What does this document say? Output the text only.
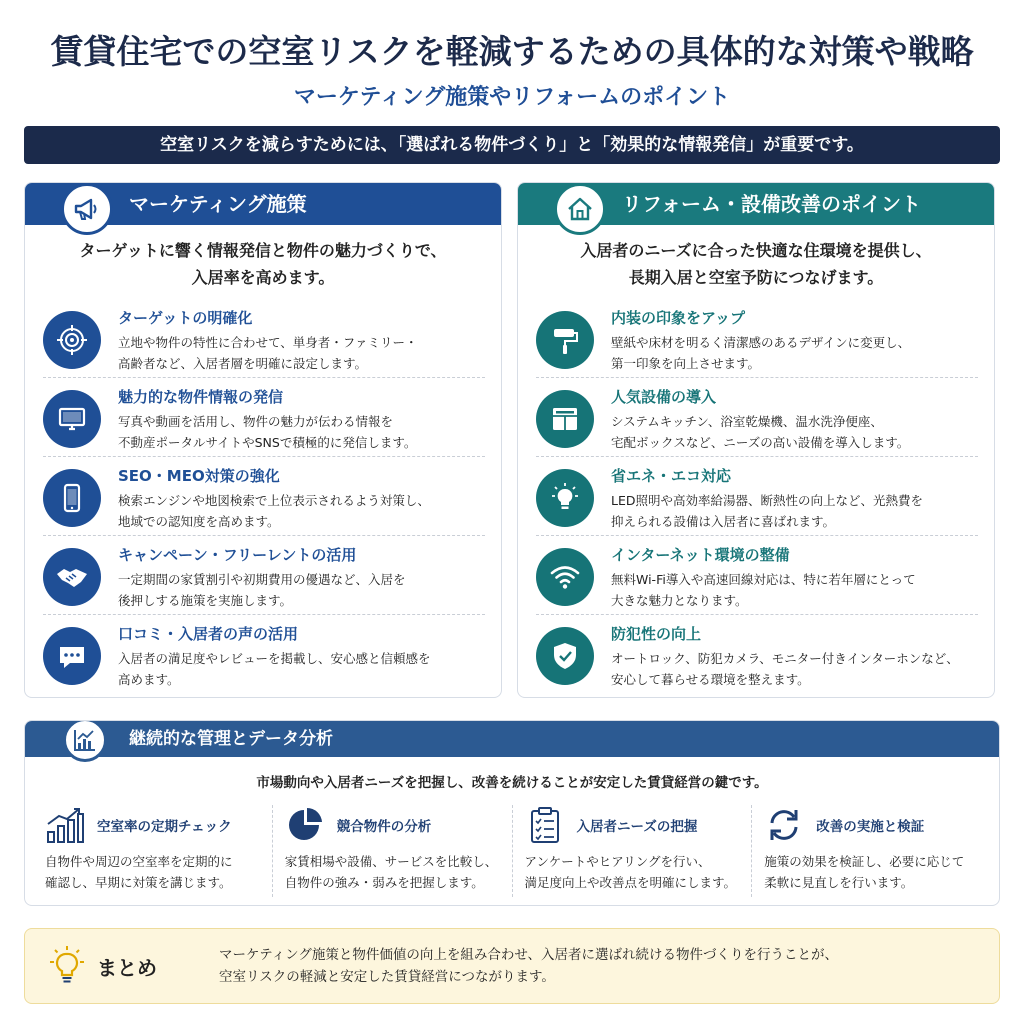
賃貸住宅での空室リスクを軽減するための具体的な対策や戦略
マーケティング施策やリフォームのポイント
空室リスクを減らすためには、「選ばれる物件づくり」と「効果的な情報発信」が重要です。
マーケティング施策
ターゲットに響く情報発信と物件の魅力づくりで、
入居率を高めます。
ターゲットの明確化
立地や物件の特性に合わせて、単身者・ファミリー・
高齢者など、入居者層を明確に設定します。
魅力的な物件情報の発信
写真や動画を活用し、物件の魅力が伝わる情報を
不動産ポータルサイトやSNSで積極的に発信します。
SEO・MEO対策の強化
検索エンジンや地図検索で上位表示されるよう対策し、
地域での認知度を高めます。
キャンペーン・フリーレントの活用
一定期間の家賃割引や初期費用の優遇など、入居を
後押しする施策を実施します。
口コミ・入居者の声の活用
入居者の満足度やレビューを掲載し、安心感と信頼感を
高めます。
リフォーム・設備改善のポイント
入居者のニーズに合った快適な住環境を提供し、
長期入居と空室予防につなげます。
内装の印象をアップ
壁紙や床材を明るく清潔感のあるデザインに変更し、
第一印象を向上させます。
人気設備の導入
システムキッチン、浴室乾燥機、温水洗浄便座、
宅配ボックスなど、ニーズの高い設備を導入します。
省エネ・エコ対応
LED照明や高効率給湯器、断熱性の向上など、光熱費を
抑えられる設備は入居者に喜ばれます。
インターネット環境の整備
無料Wi-Fi導入や高速回線対応は、特に若年層にとって
大きな魅力となります。
防犯性の向上
オートロック、防犯カメラ、モニター付きインターホンなど、
安心して暮らせる環境を整えます。
継続的な管理とデータ分析
市場動向や入居者ニーズを把握し、改善を続けることが安定した賃貸経営の鍵です。
空室率の定期チェック
自物件や周辺の空室率を定期的に
確認し、早期に対策を講じます。
競合物件の分析
家賃相場や設備、サービスを比較し、
自物件の強み・弱みを把握します。
入居者ニーズの把握
アンケートやヒアリングを行い、
満足度向上や改善点を明確にします。
改善の実施と検証
施策の効果を検証し、必要に応じて
柔軟に見直しを行います。
まとめ
マーケティング施策と物件価値の向上を組み合わせ、入居者に選ばれ続ける物件づくりを行うことが、
空室リスクの軽減と安定した賃貸経営につながります。
